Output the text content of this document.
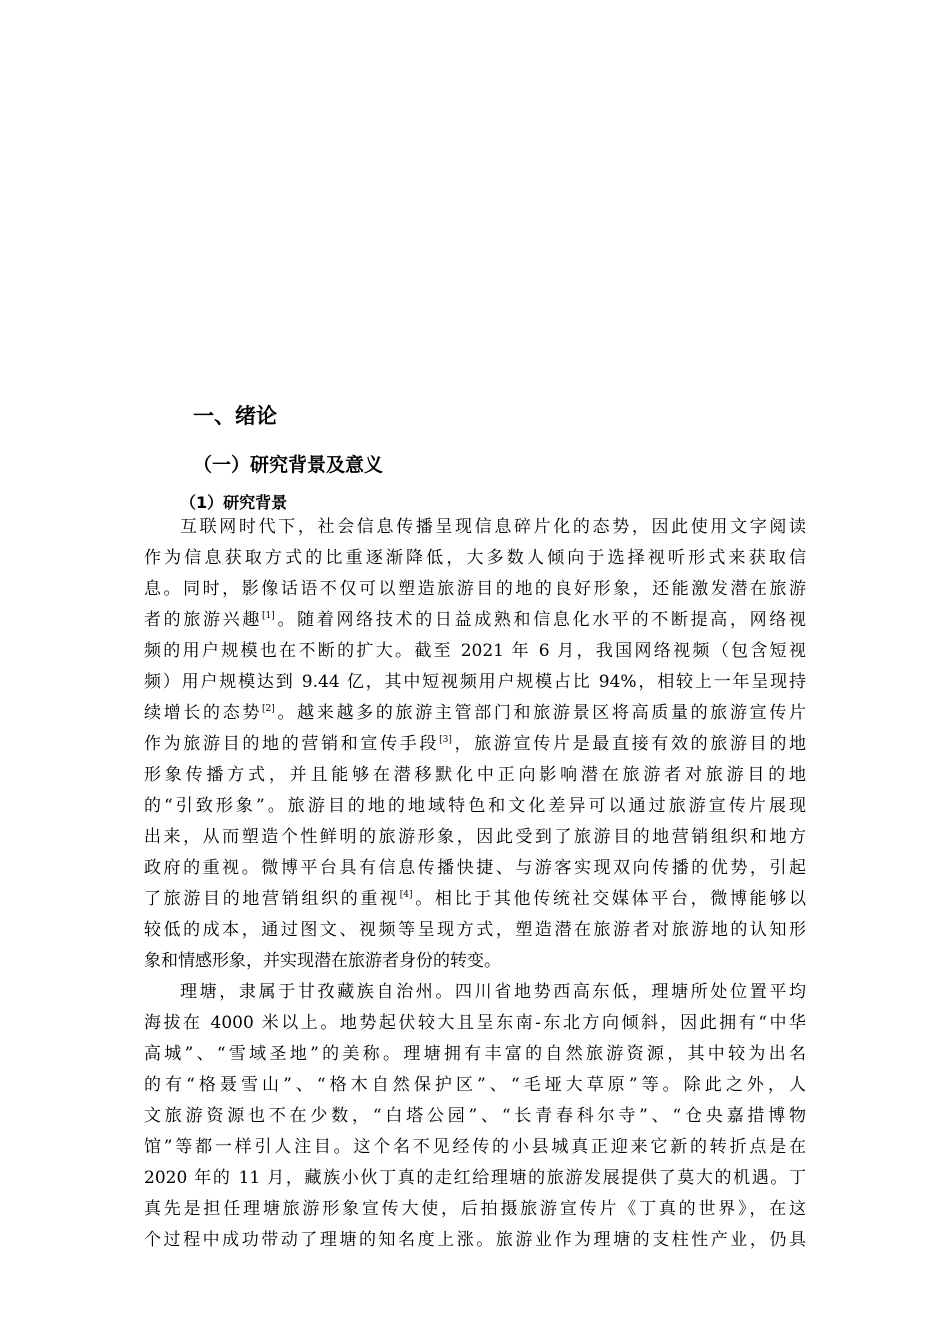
一、绪论
（一）研究背景及意义
（1）研究背景
互联网时代下，社会信息传播呈现信息碎片化的态势，因此使用文字阅读
作为信息获取方式的比重逐渐降低，大多数人倾向于选择视听形式来获取信
息。同时，影像话语不仅可以塑造旅游目的地的良好形象，还能激发潜在旅游
者的旅游兴趣[1]。随着网络技术的日益成熟和信息化水平的不断提高，网络视
频的用户规模也在不断的扩大。截至 2021 年 6 月，我国网络视频（包含短视
频）用户规模达到 9.44 亿，其中短视频用户规模占比 94%，相较上一年呈现持
续增长的态势[2]。越来越多的旅游主管部门和旅游景区将高质量的旅游宣传片
作为旅游目的地的营销和宣传手段[3]，旅游宣传片是最直接有效的旅游目的地
形象传播方式，并且能够在潜移默化中正向影响潜在旅游者对旅游目的地
的“引致形象”。旅游目的地的地域特色和文化差异可以通过旅游宣传片展现
出来，从而塑造个性鲜明的旅游形象，因此受到了旅游目的地营销组织和地方
政府的重视。微博平台具有信息传播快捷、与游客实现双向传播的优势，引起
了旅游目的地营销组织的重视[4]。相比于其他传统社交媒体平台，微博能够以
较低的成本，通过图文、视频等呈现方式，塑造潜在旅游者对旅游地的认知形
象和情感形象，并实现潜在旅游者身份的转变。
理塘，隶属于甘孜藏族自治州。四川省地势西高东低，理塘所处位置平均
海拔在 4000 米以上。地势起伏较大且呈东南-东北方向倾斜，因此拥有“中华
高城”、“雪域圣地”的美称。理塘拥有丰富的自然旅游资源，其中较为出名
的有“格聂雪山”、“格木自然保护区”、“毛垭大草原”等。除此之外，人
文旅游资源也不在少数，“白塔公园”、“长青春科尔寺”、“仓央嘉措博物
馆”等都一样引人注目。这个名不见经传的小县城真正迎来它新的转折点是在
2020 年的 11 月，藏族小伙丁真的走红给理塘的旅游发展提供了莫大的机遇。丁
真先是担任理塘旅游形象宣传大使，后拍摄旅游宣传片《丁真的世界》，在这
个过程中成功带动了理塘的知名度上涨。旅游业作为理塘的支柱性产业，仍具
